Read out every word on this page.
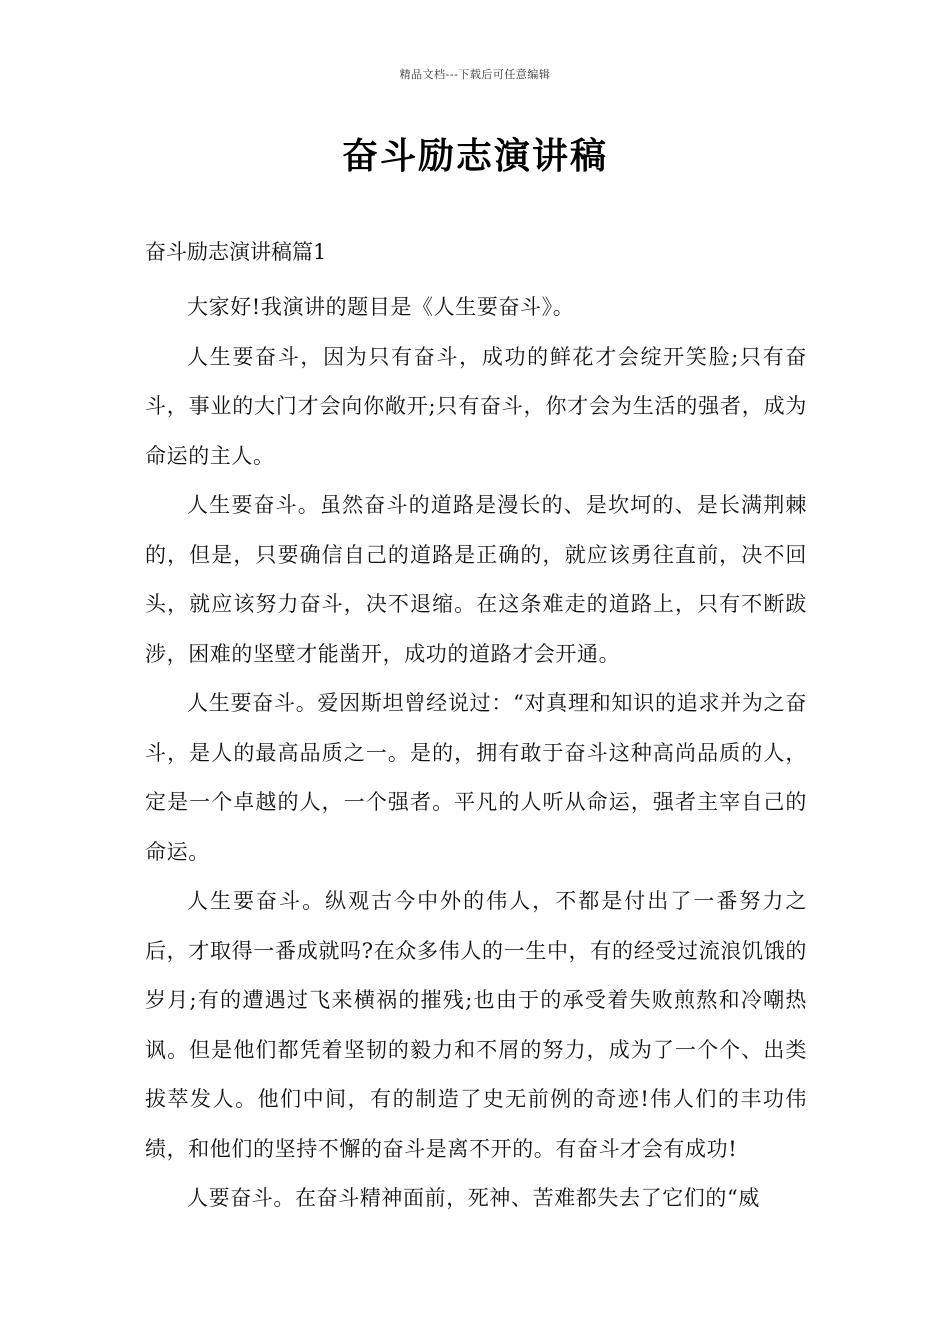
精品文档---下载后可任意编辑
奋斗励志演讲稿
奋斗励志演讲稿篇1

大家好!我演讲的题目是《人生要奋斗》。

人生要奋斗，因为只有奋斗，成功的鲜花才会绽开笑脸;只有奋斗，事业的大门才会向你敞开;只有奋斗，你才会为生活的强者，成为命运的主人。

人生要奋斗。虽然奋斗的道路是漫长的、是坎坷的、是长满荆棘的，但是，只要确信自己的道路是正确的，就应该勇往直前，决不回头，就应该努力奋斗，决不退缩。在这条难走的道路上，只有不断跋涉，困难的坚壁才能凿开，成功的道路才会开通。

人生要奋斗。爱因斯坦曾经说过：“对真理和知识的追求并为之奋斗，是人的最高品质之一。是的，拥有敢于奋斗这种高尚品质的人，定是一个卓越的人，一个强者。平凡的人听从命运，强者主宰自己的命运。

人生要奋斗。纵观古今中外的伟人，不都是付出了一番努力之后，才取得一番成就吗?在众多伟人的一生中，有的经受过流浪饥饿的岁月;有的遭遇过飞来横祸的摧残;也由于的承受着失败煎熬和冷嘲热讽。但是他们都凭着坚韧的毅力和不屑的努力，成为了一个个、出类拔萃发人。他们中间，有的制造了史无前例的奇迹!伟人们的丰功伟绩，和他们的坚持不懈的奋斗是离不开的。有奋斗才会有成功!

人要奋斗。在奋斗精神面前，死神、苦难都失去了它们的“威
